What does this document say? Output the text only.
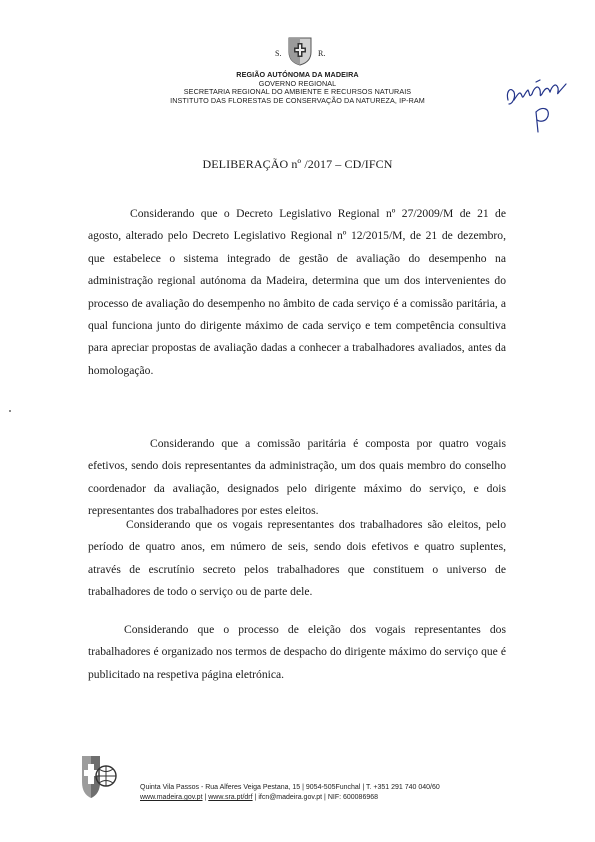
S.	R.
REGIÃO AUTÓNOMA DA MADEIRA
GOVERNO REGIONAL
SECRETARIA REGIONAL DO AMBIENTE E RECURSOS NATURAIS
INSTITUTO DAS FLORESTAS DE CONSERVAÇÃO DA NATUREZA, IP-RAM
DELIBERAÇÃO nº /2017 – CD/IFCN

Considerando que o Decreto Legislativo Regional nº 27/2009/M de 21 de agosto, alterado pelo Decreto Legislativo Regional nº 12/2015/M, de 21 de dezembro, que estabelece o sistema integrado de gestão de avaliação do desempenho na administração regional autónoma da Madeira, determina que um dos intervenientes do processo de avaliação do desempenho no âmbito de cada serviço é a comissão paritária, a qual funciona junto do dirigente máximo de cada serviço e tem competência consultiva para apreciar propostas de avaliação dadas a conhecer a trabalhadores avaliados, antes da homologação.

Considerando que a comissão paritária é composta por quatro vogais efetivos, sendo dois representantes da administração, um dos quais membro do conselho coordenador da avaliação, designados pelo dirigente máximo do serviço, e dois representantes dos trabalhadores por estes eleitos.

Considerando que os vogais representantes dos trabalhadores são eleitos, pelo período de quatro anos, em número de seis, sendo dois efetivos e quatro suplentes, através de escrutínio secreto pelos trabalhadores que constituem o universo de trabalhadores de todo o serviço ou de parte dele.

Considerando que o processo de eleição dos vogais representantes dos trabalhadores é organizado nos termos de despacho do dirigente máximo do serviço que é publicitado na respetiva página eletrónica.

Quinta Vila Passos - Rua Alferes Veiga Pestana, 15 | 9054-505Funchal | T. +351 291 740 040/60
www.madeira.gov.pt | www.sra.pt/drf | ifcn@madeira.gov.pt | NIF: 600086968
